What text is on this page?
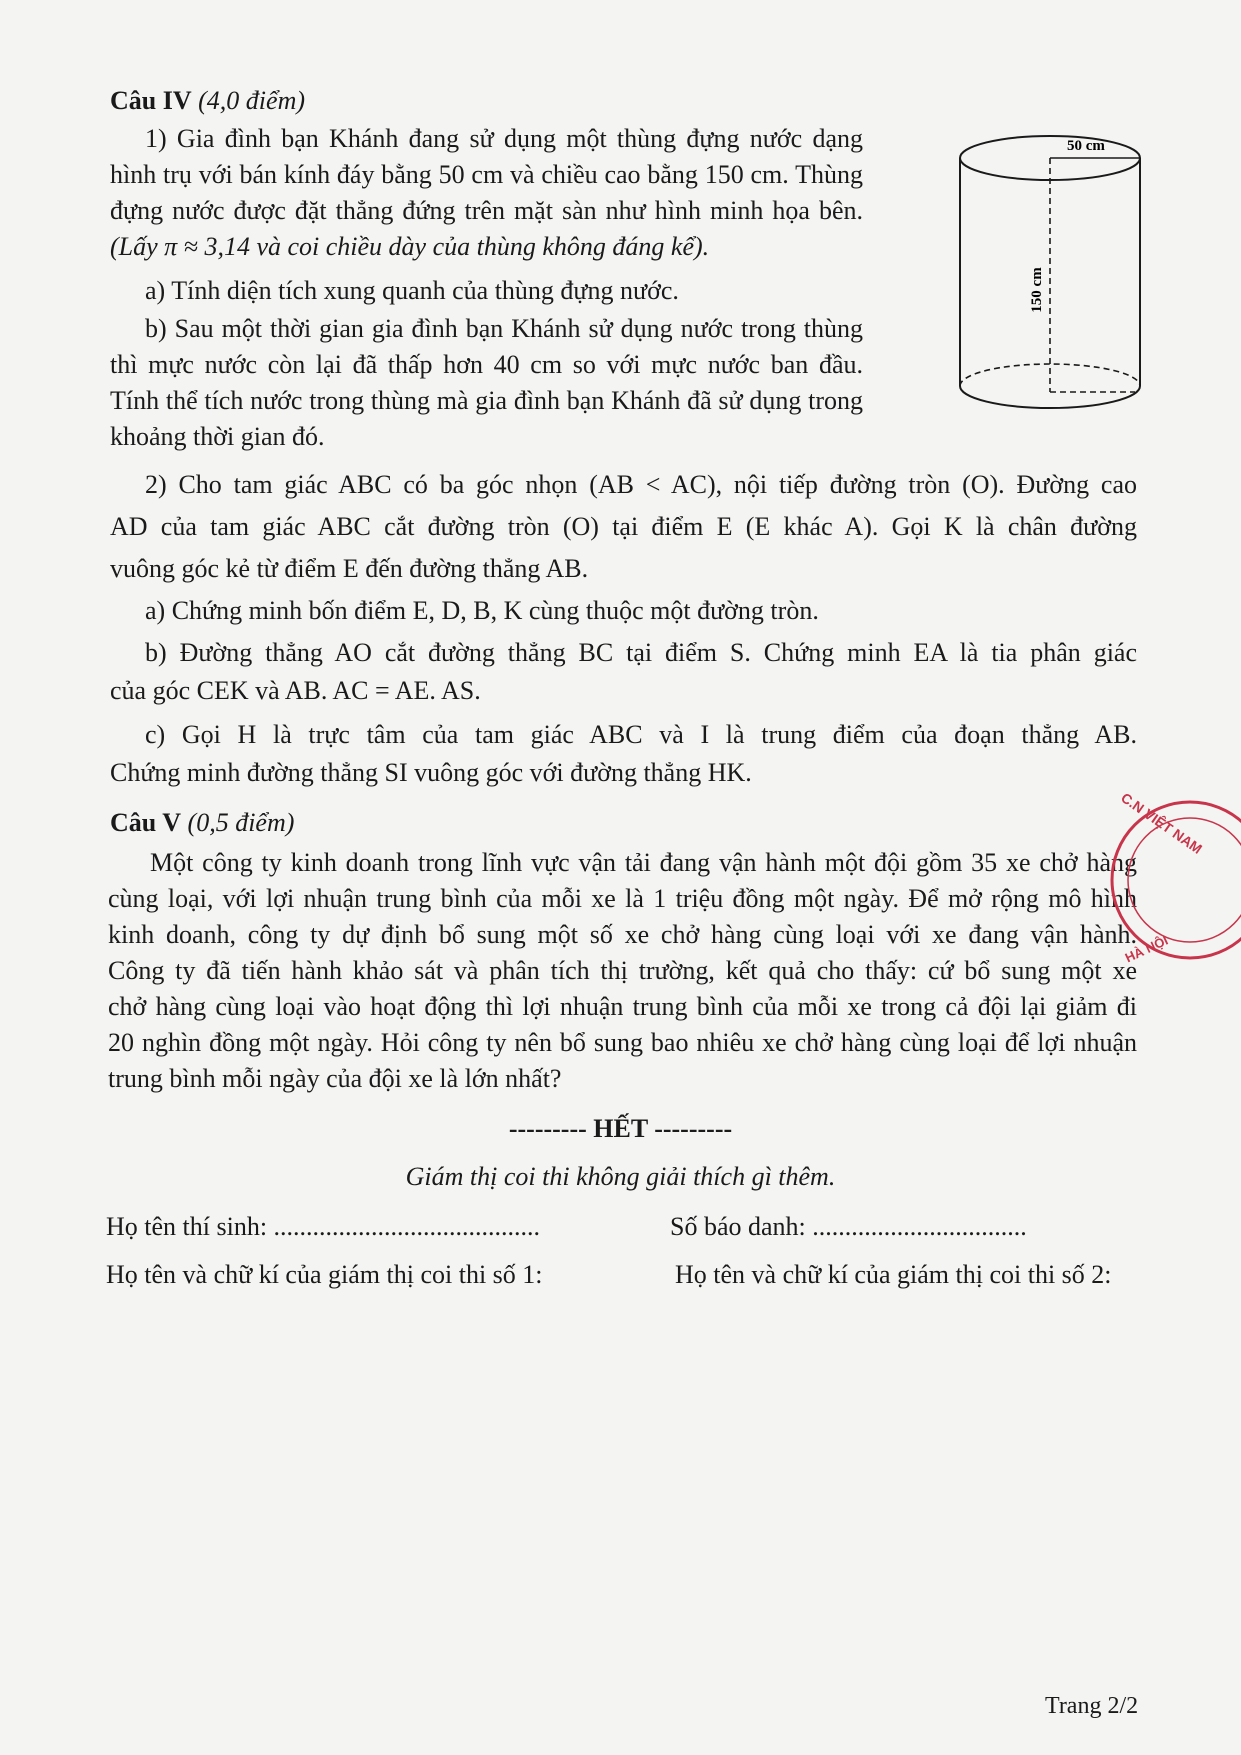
Câu IV (4,0 điểm)
1) Gia đình bạn Khánh đang sử dụng một thùng đựng nước dạng
hình trụ với bán kính đáy bằng 50 cm và chiều cao bằng 150 cm. Thùng
đựng nước được đặt thẳng đứng trên mặt sàn như hình minh họa bên.
(Lấy π ≈ 3,14 và coi chiều dày của thùng không đáng kể).
a) Tính diện tích xung quanh của thùng đựng nước.
b) Sau một thời gian gia đình bạn Khánh sử dụng nước trong thùng
thì mực nước còn lại đã thấp hơn 40 cm so với mực nước ban đầu.
Tính thể tích nước trong thùng mà gia đình bạn Khánh đã sử dụng trong
khoảng thời gian đó.
50 cm
150 cm
2) Cho tam giác ABC có ba góc nhọn (AB < AC), nội tiếp đường tròn (O). Đường cao
AD của tam giác ABC cắt đường tròn (O) tại điểm E (E khác A). Gọi K là chân đường
vuông góc kẻ từ điểm E đến đường thẳng AB.
a) Chứng minh bốn điểm E, D, B, K cùng thuộc một đường tròn.
b) Đường thẳng AO cắt đường thẳng BC tại điểm S. Chứng minh EA là tia phân giác
của góc CEK và AB. AC = AE. AS.
c) Gọi H là trực tâm của tam giác ABC và I là trung điểm của đoạn thẳng AB.
Chứng minh đường thẳng SI vuông góc với đường thẳng HK.
Câu V (0,5 điểm)
Một công ty kinh doanh trong lĩnh vực vận tải đang vận hành một đội gồm 35 xe chở hàng
cùng loại, với lợi nhuận trung bình của mỗi xe là 1 triệu đồng một ngày. Để mở rộng mô hình
kinh doanh, công ty dự định bổ sung một số xe chở hàng cùng loại với xe đang vận hành.
Công ty đã tiến hành khảo sát và phân tích thị trường, kết quả cho thấy: cứ bổ sung một xe
chở hàng cùng loại vào hoạt động thì lợi nhuận trung bình của mỗi xe trong cả đội lại giảm đi
20 nghìn đồng một ngày. Hỏi công ty nên bổ sung bao nhiêu xe chở hàng cùng loại để lợi nhuận
trung bình mỗi ngày của đội xe là lớn nhất?
C.N VIỆT NAM
HÀ NỘI
--------- HẾT ---------
Giám thị coi thi không giải thích gì thêm.
Họ tên thí sinh: .........................................	Số báo danh: .................................
Họ tên và chữ kí của giám thị coi thi số 1:	Họ tên và chữ kí của giám thị coi thi số 2:
Trang 2/2
